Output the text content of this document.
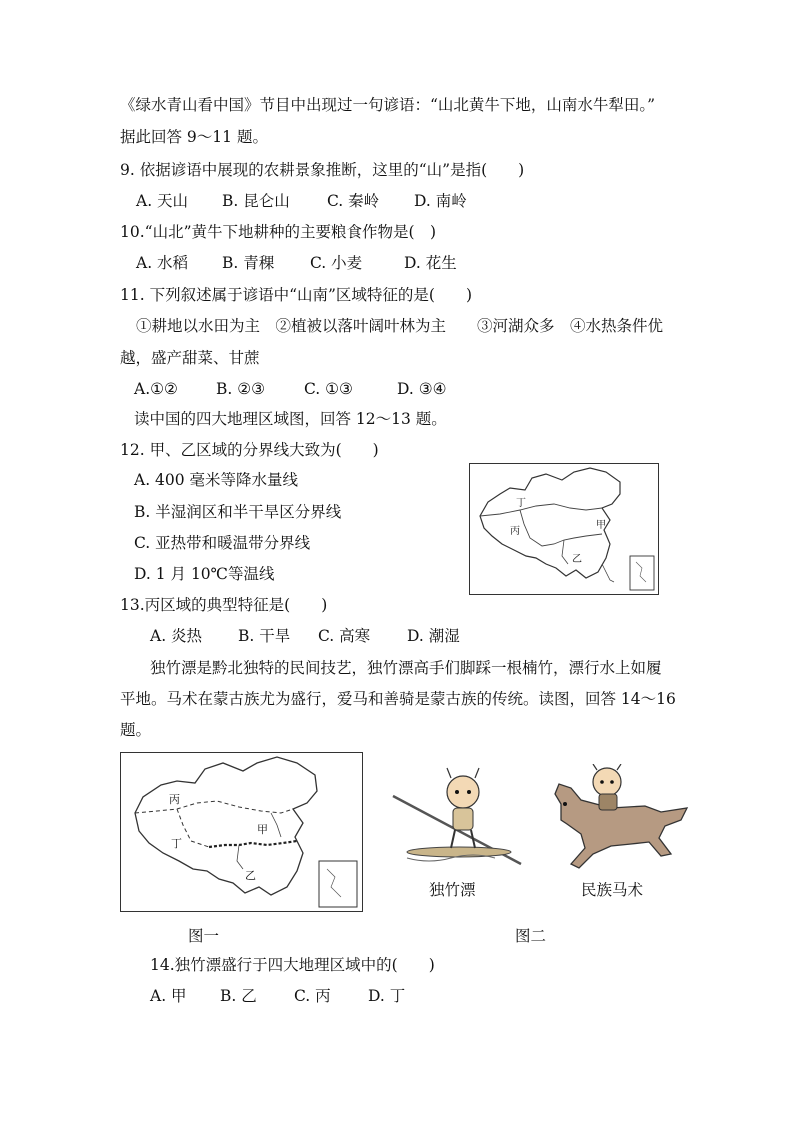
《绿水青山看中国》节目中出现过一句谚语：“山北黄牛下地，山南水牛犁田。”
据此回答 9～11 题。
9. 依据谚语中展现的农耕景象推断，这里的“山”是指(　　)
A. 天山 B. 昆仑山 C. 秦岭 D. 南岭
10.“山北”黄牛下地耕种的主要粮食作物是(　)
A. 水稻 B. 青稞 C. 小麦	D. 花生
11. 下列叙述属于谚语中“山南”区域特征的是(　　)
①耕地以水田为主　②植被以落叶阔叶林为主　　③河湖众多　④水热条件优
越，盛产甜菜、甘蔗
A.①② B. ②③	C. ①③	D. ③④
读中国的四大地理区域图，回答 12～13 题。
12. 甲、乙区域的分界线大致为(　　)
A. 400 毫米等降水量线
B. 半湿润区和半干旱区分界线
C. 亚热带和暖温带分界线
D. 1 月 10℃等温线
丁
甲
丙
乙
13.丙区域的典型特征是(　　)
A. 炎热 B. 干旱 C. 高寒 D. 潮湿
独竹漂是黔北独特的民间技艺，独竹漂高手们脚踩一根楠竹，漂行水上如履
平地。马术在蒙古族尤为盛行，爱马和善骑是蒙古族的传统。读图，回答 14～16
题。
丙
甲
丁
乙
独竹漂	民族马术
图一	图二
14.独竹漂盛行于四大地理区域中的(　　)
A. 甲 B. 乙 C. 丙 D. 丁
